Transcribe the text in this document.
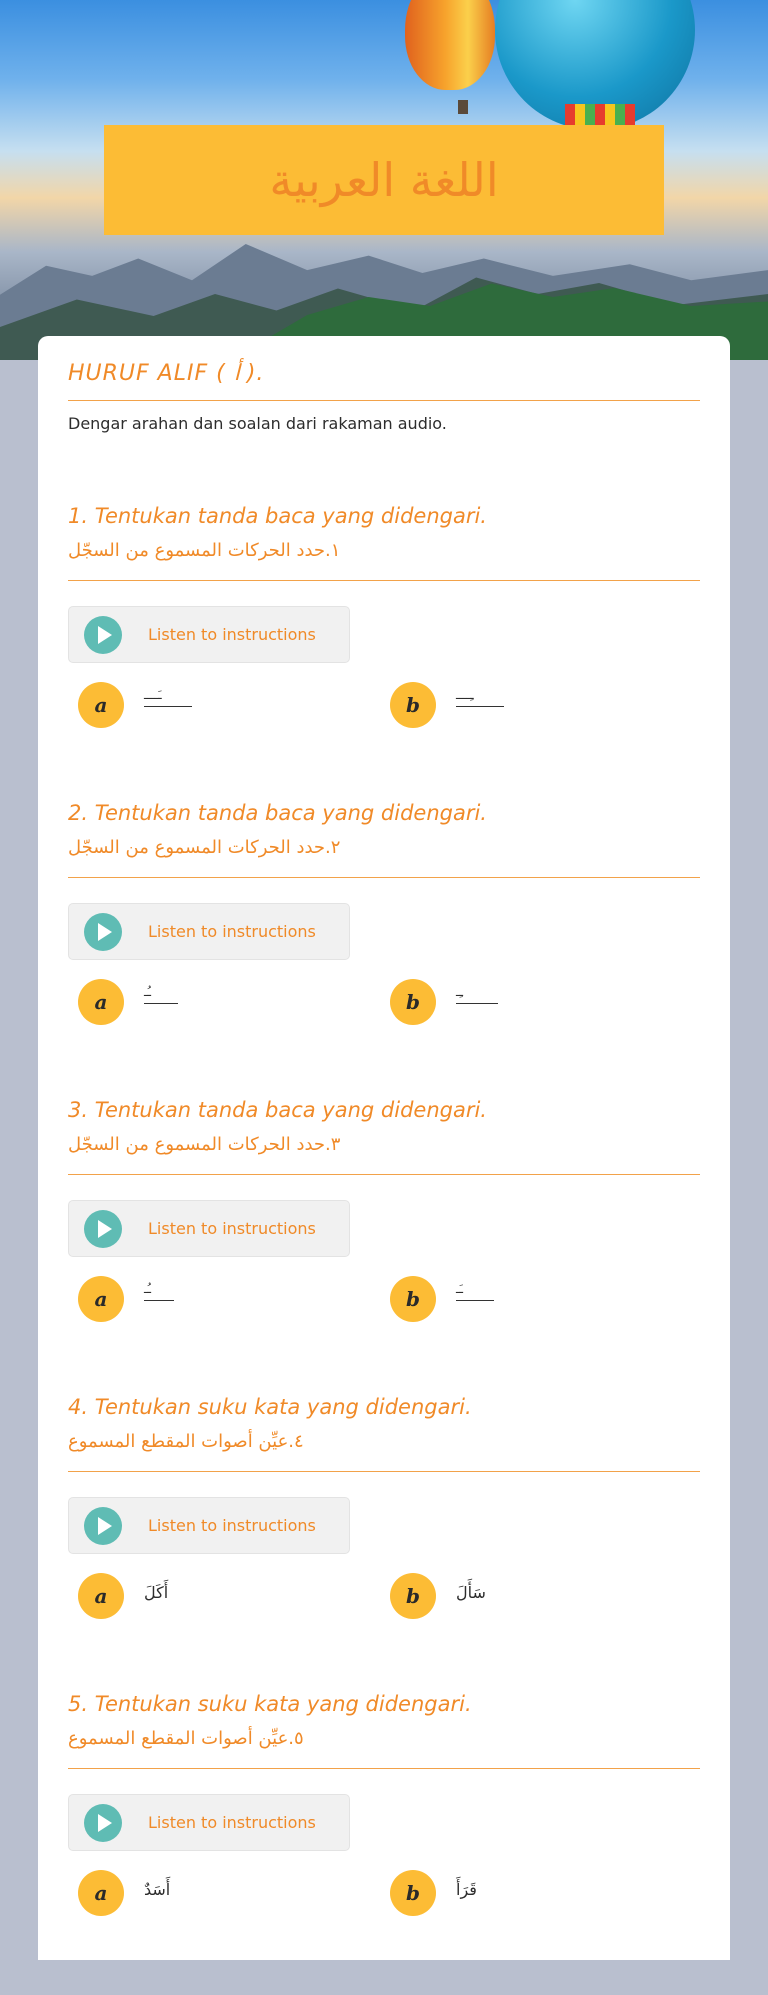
اللغة العربية
HURUF ALIF ( أ ).
Dengar arahan dan soalan dari rakaman audio.
1. Tentukan tanda baca yang didengari.
١.حدد الحركات المسموع من السجّل
Listen to instructions
a	ـَــــ	b	ـِــــ
2. Tentukan tanda baca yang didengari.
٢.حدد الحركات المسموع من السجّل
Listen to instructions
a	ـُـ	b	ـِـ
3. Tentukan tanda baca yang didengari.
٣.حدد الحركات المسموع من السجّل
Listen to instructions
a	ـُـ	b	ـَـ
4. Tentukan suku kata yang didengari.
٤.عيِّن أصوات المقطع المسموع
Listen to instructions
a	أَكَلَ	b	سَأَلَ
5. Tentukan suku kata yang didengari.
٥.عيِّن أصوات المقطع المسموع
Listen to instructions
a	أَسَدٌ	b	قَرَأَ
